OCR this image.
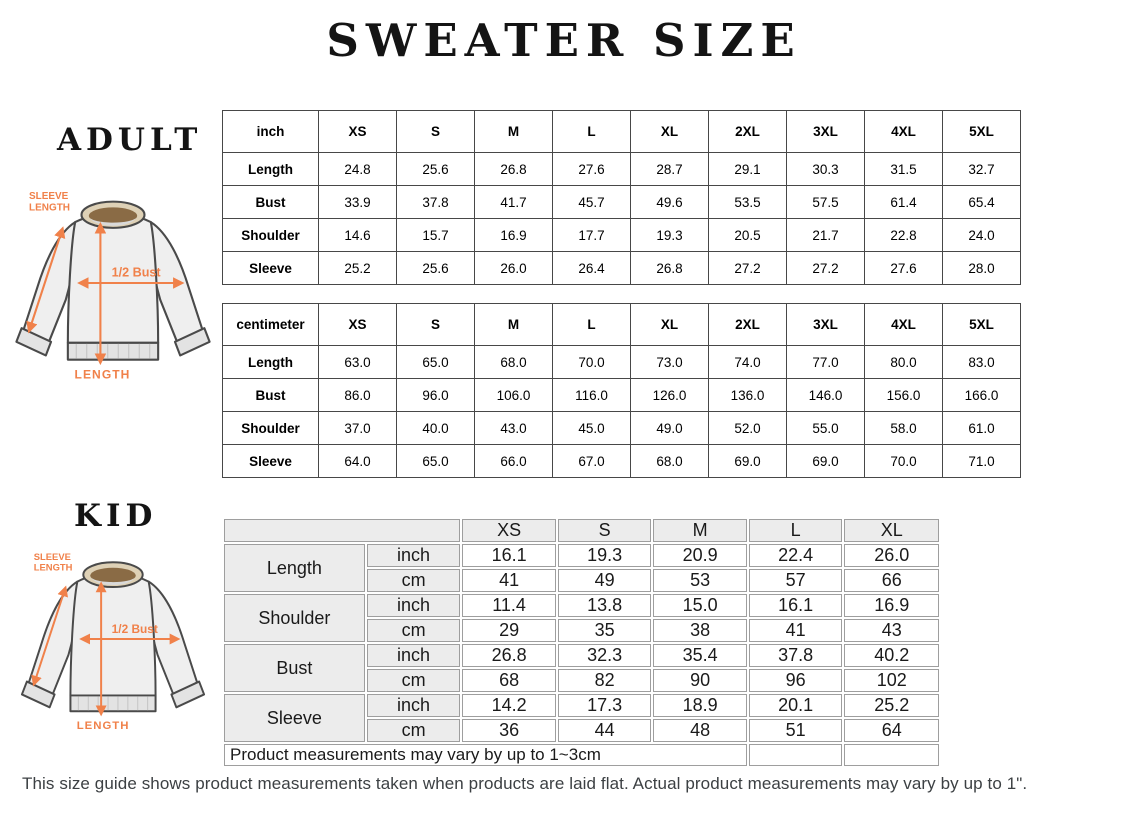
SWEATER SIZE
ADULT
KID
SLEEVE
LENGTH
1/2 Bust
LENGTH
SLEEVE
LENGTH
1/2 Bust
LENGTH
inch	XS	S	M	L	XL	2XL	3XL	4XL	5XL
Length	24.8	25.6	26.8	27.6	28.7	29.1	30.3	31.5	32.7
Bust	33.9	37.8	41.7	45.7	49.6	53.5	57.5	61.4	65.4
Shoulder	14.6	15.7	16.9	17.7	19.3	20.5	21.7	22.8	24.0
Sleeve	25.2	25.6	26.0	26.4	26.8	27.2	27.2	27.6	28.0
centimeter	XS	S	M	L	XL	2XL	3XL	4XL	5XL
Length	63.0	65.0	68.0	70.0	73.0	74.0	77.0	80.0	83.0
Bust	86.0	96.0	106.0	116.0	126.0	136.0	146.0	156.0	166.0
Shoulder	37.0	40.0	43.0	45.0	49.0	52.0	55.0	58.0	61.0
Sleeve	64.0	65.0	66.0	67.0	68.0	69.0	69.0	70.0	71.0
		XS	S	M	L	XL
Length	inch	16.1	19.3	20.9	22.4	26.0
	cm	41	49	53	57	66
Shoulder	inch	11.4	13.8	15.0	16.1	16.9
	cm	29	35	38	41	43
Bust	inch	26.8	32.3	35.4	37.8	40.2
	cm	68	82	90	96	102
Sleeve	inch	14.2	17.3	18.9	20.1	25.2
	cm	36	44	48	51	64
Product measurements may vary by up to 1~3cm						
This size guide shows product measurements taken when products are laid flat. Actual product measurements may vary by up to 1".
